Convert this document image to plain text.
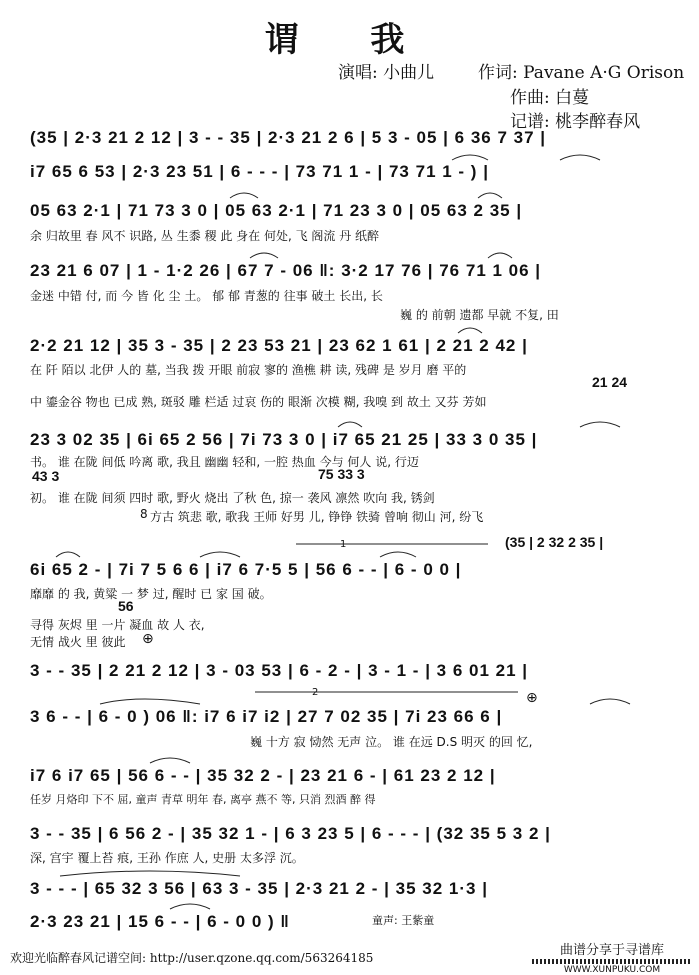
谓 我
演唱: 小曲儿	作词: Pavane A·G Orison
作曲: 白蔓
记谱: 桃李醉春风
(35 | 2·3 21 2 12 | 3 - - 35 | 2·3 21 2 6 | 5 3 - 05 | 6 36 7 37 |
i7 65 6 53 | 2·3 23 51 | 6 - - - | 73 71 1 - | 73 71 1 - ) |
05 63 2·1 | 71 73 3 0 | 05 63 2·1 | 71 23 3 0 | 05 63 2 35 |
余 归故里 春 风不 识路, 丛 生黍 稷 此 身在 何处, 飞 阁流 丹 纸醉
23 21 6 07 | 1 - 1·2 26 | 67 7 - 06 ‖: 3·2 17 76 | 76 71 1 06 |
金迷 中错 付, 而 今 皆 化 尘 土。 郁 郁 青葱的 往事 破土 长出, 长
巍 的 前朝 遗都 早就 不复, 田
2·2 21 12 | 35 3 - 35 | 2 23 53 21 | 23 62 1 61 | 2 21 2 42 |
在 阡 陌以 北伊 人的 墓, 当我 拨 开眼 前寂 寥的 渔樵 耕 读, 残碑 是 岁月 磨 平的
中 鎏金谷 物也 已成 熟, 斑驳 雕 栏适 过哀 伤的 眼渐 次模 糊, 我嗅 到 故土 又芬 芳如
23 3 02 35 | 6i 65 2 56 | 7i 73 3 0 | i7 65 21 25 | 33 3 0 35 |
书。 谁 在陇 间低 吟离 歌, 我且 幽幽 轻和, 一腔 热血 今与 何人 说, 行迈
初。 谁 在陇 间须 四时 歌, 野火 烧出 了秋 色, 掠一 袭风 凛然 吹向 我, 锈剑
方古 筑悲 歌, 歌我 王师 好男 儿, 铮铮 铁骑 曾响 彻山 河, 纷飞
6i 65 2 - | 7i 7 5 6 6 | i7 6 7·5 5 | 56 6 - - | 6 - 0 0 |
靡靡 的 我, 黄粱 一 梦 过, 醒时 已 家 国 破。
寻得 灰烬 里 一片 凝血 故 人 衣,
无情 战火 里 彼此
3 - - 35 | 2 21 2 12 | 3 - 03 53 | 6 - 2 - | 3 - 1 - | 3 6 01 21 |
3 6 - - | 6 - 0 ) 06 ‖: i7 6 i7 i2 | 27 7 02 35 | 7i 23 66 6 |
巍 十方 寂 恸然 无声 泣。 谁 在远 D.S 明灭 的回 忆,
i7 6 i7 65 | 56 6 - - | 35 32 2 - | 23 21 6 - | 61 23 2 12 |
任岁 月烙印 下不 屈, 童声 青草 明年 春, 离亭 燕不 等, 只消 烈酒 醉 得
3 - - 35 | 6 56 2 - | 35 32 1 - | 6 3 23 5 | 6 - - - | (32 35 5 3 2 |
深, 宫宇 覆上苔 痕, 王孙 作庶 人, 史册 太多浮 沉。
3 - - - | 65 32 3 56 | 63 3 - 35 | 2·3 21 2 - | 35 32 1·3 |
2·3 23 21 | 15 6 - - | 6 - 0 0 ) ‖
21 24
43 3	75 33 3
56
(35 | 2 32 2 35 |
8
⊕
⊕
1
2
童声: 王紫童
欢迎光临醉春风记谱空间: http://user.qzone.qq.com/563264185	曲谱分享于寻谱库
WWW.XUNPUKU.COM
